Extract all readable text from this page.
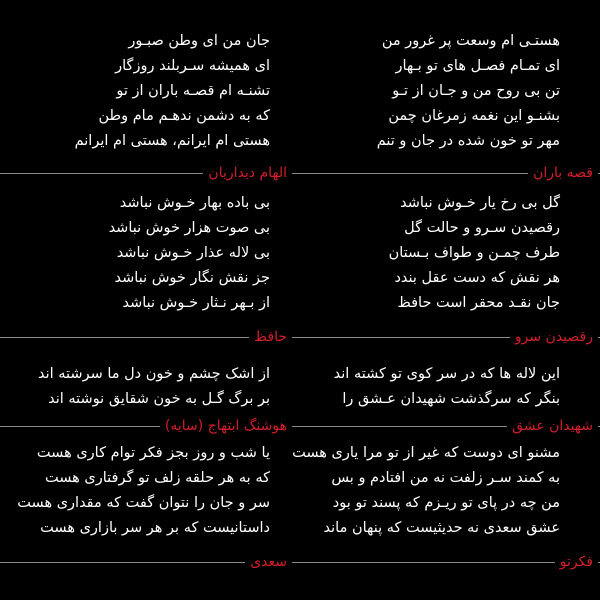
هستـی ام وسعت پر غرور من
ای تمـام فصـل های تو بـهار
تن بی روح من و جـان از تـو
بشنـو این نغمه زمرغان چمن
مهر تو خون شده در جان و تنم
جان من ای وطن صبـور
ای همیشه سـربلند روزگار
تشنـه ام قصـه باران از تو
که به دشمن ندهـم مام وطن
هستی ام ایرانم، هستی ام ایرانم
قصه باران
الهام دیداریان
گل بی رخ یار خـوش نباشد
رقصیدن سـرو و حالت گل
طرف چمـن و طواف بـستان
هر نقش که دست عقل بندد
جان نقـد محقر است حافظ
بی باده بهار خـوش نباشد
بی صوت هزار خوش نباشد
بی لاله عذار خـوش نباشد
جز نقش نگار خوش نباشد
از بـهر نـثار خـوش نباشد
رقصیدن سرو
حافظ
این لاله ها که در سر کوی تو کشته اند
بنگر که سرگذشت شهیدان عـشق را
از اشک چشم و خون دل ما سرشته اند
بر برگ گـل به خون شقایق نوشته اند
شهیدان عشق
هوشنگ ابتهاج (سایه)
مشنو ای دوست که غیر از تو مرا یاری هست
به کمند سـر زلفت نه من افتادم و بس
من چه در پای تو ریـزم که پسند تو بود
عشق سعدی نه حدیثیست که پنهان ماند
یا شب و روز بجز فکر توام کاری هست
که به هر حلقه زلف تو گرفتاری هست
سر و جان را نتوان گفت که مقداری هست
داستانیست که بر هر سر بازاری هست
فکرتو
سعدی
